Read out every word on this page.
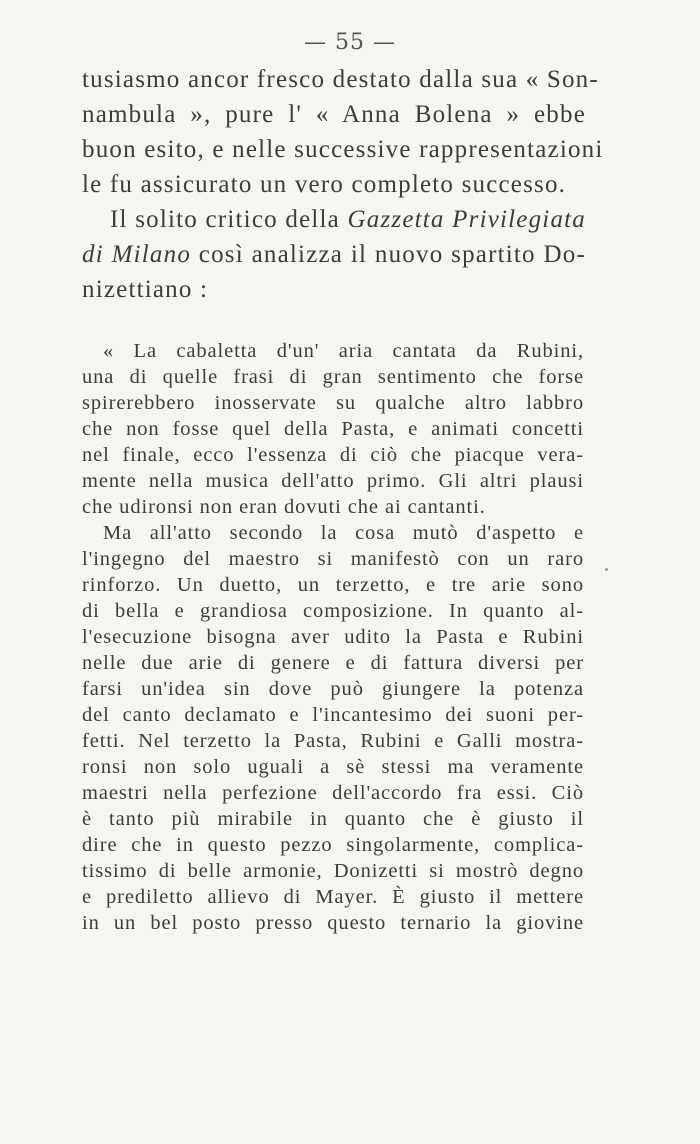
— 55 —
tusiasmo ancor fresco destato dalla sua « Son-
nambula », pure l' « Anna Bolena » ebbe
buon esito, e nelle successive rappresentazioni
le fu assicurato un vero completo successo.
Il solito critico della Gazzetta Privilegiata
di Milano così analizza il nuovo spartito Do-
nizettiano :
« La cabaletta d'un' aria cantata da Rubini,
una di quelle frasi di gran sentimento che forse
spirerebbero inosservate su qualche altro labbro
che non fosse quel della Pasta, e animati concetti
nel finale, ecco l'essenza di ciò che piacque vera-
mente nella musica dell'atto primo. Gli altri plausi
che udironsi non eran dovuti che ai cantanti.
Ma all'atto secondo la cosa mutò d'aspetto e
l'ingegno del maestro si manifestò con un raro
rinforzo. Un duetto, un terzetto, e tre arie sono
di bella e grandiosa composizione. In quanto al-
l'esecuzione bisogna aver udito la Pasta e Rubini
nelle due arie di genere e di fattura diversi per
farsi un'idea sin dove può giungere la potenza
del canto declamato e l'incantesimo dei suoni per-
fetti. Nel terzetto la Pasta, Rubini e Galli mostra-
ronsi non solo uguali a sè stessi ma veramente
maestri nella perfezione dell'accordo fra essi. Ciò
è tanto più mirabile in quanto che è giusto il
dire che in questo pezzo singolarmente, complica-
tissimo di belle armonie, Donizetti si mostrò degno
e prediletto allievo di Mayer. È giusto il mettere
in un bel posto presso questo ternario la giovine
